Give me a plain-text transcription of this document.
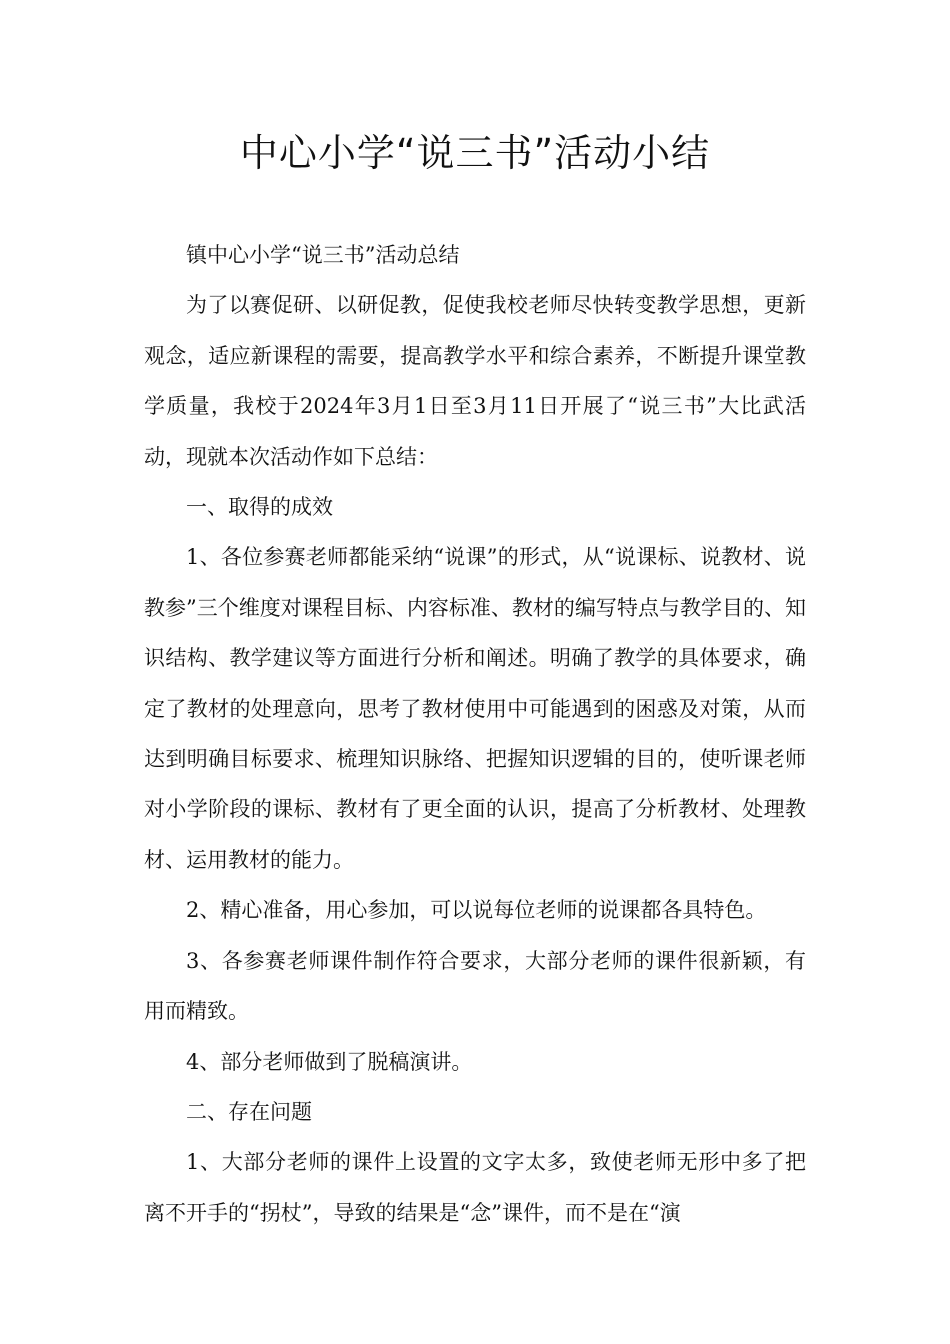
中心小学“说三书”活动小结

镇中心小学“说三书”活动总结

为了以赛促研、以研促教，促使我校老师尽快转变教学思想，更新观念，适应新课程的需要，提高教学水平和综合素养，不断提升课堂教学质量，我校于2024年3月1日至3月11日开展了“说三书”大比武活动，现就本次活动作如下总结：

一、取得的成效

1、各位参赛老师都能采纳“说课”的形式，从“说课标、说教材、说教参”三个维度对课程目标、内容标准、教材的编写特点与教学目的、知识结构、教学建议等方面进行分析和阐述。明确了教学的具体要求，确定了教材的处理意向，思考了教材使用中可能遇到的困惑及对策，从而达到明确目标要求、梳理知识脉络、把握知识逻辑的目的，使听课老师对小学阶段的课标、教材有了更全面的认识，提高了分析教材、处理教材、运用教材的能力。

2、精心准备，用心参加，可以说每位老师的说课都各具特色。

3、各参赛老师课件制作符合要求，大部分老师的课件很新颖，有用而精致。

4、部分老师做到了脱稿演讲。

二、存在问题

1、大部分老师的课件上设置的文字太多，致使老师无形中多了把离不开手的“拐杖”，导致的结果是“念”课件，而不是在“演
